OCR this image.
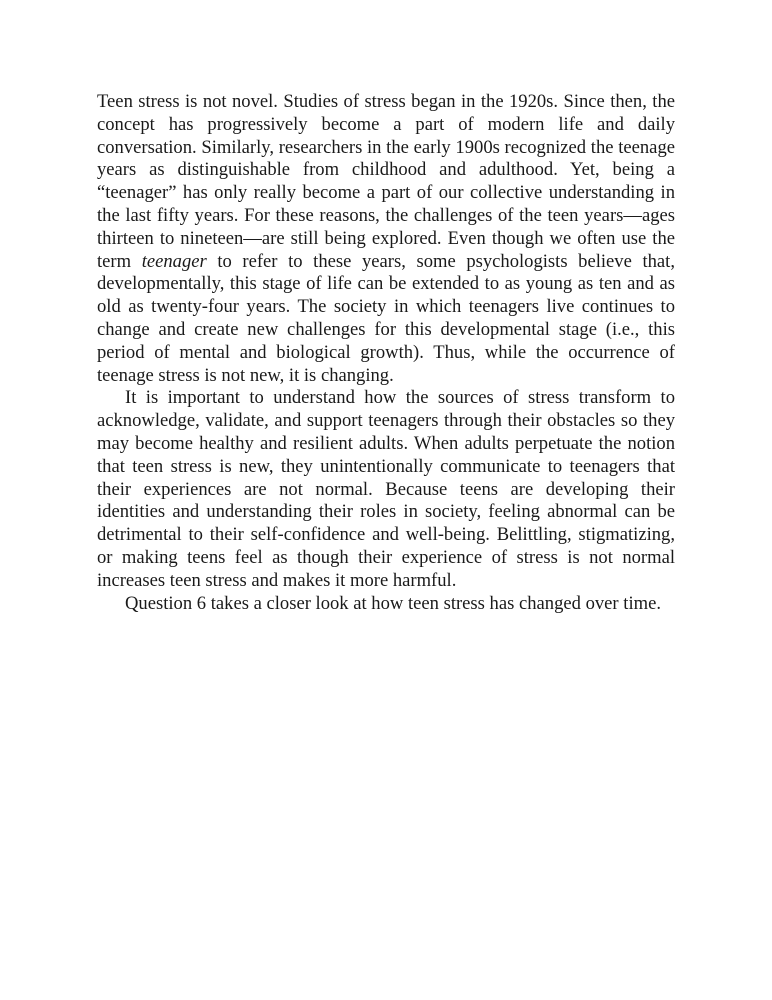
Teen stress is not novel. Studies of stress began in the 1920s. Since then, the concept has progressively become a part of modern life and daily conversation. Similarly, researchers in the early 1900s recognized the teenage years as distinguishable from childhood and adulthood. Yet, being a “teenager” has only really become a part of our collective understanding in the last fifty years. For these reasons, the challenges of the teen years—ages thirteen to nineteen—are still being explored. Even though we often use the term teenager to refer to these years, some psychologists believe that, developmentally, this stage of life can be extended to as young as ten and as old as twenty-four years. The society in which teenagers live continues to change and create new challenges for this developmental stage (i.e., this period of mental and biological growth). Thus, while the occurrence of teenage stress is not new, it is changing.

It is important to understand how the sources of stress transform to acknowledge, validate, and support teenagers through their obstacles so they may become healthy and resilient adults. When adults perpetuate the notion that teen stress is new, they unintentionally communicate to teenagers that their experiences are not normal. Because teens are developing their identities and understanding their roles in society, feeling abnormal can be detrimental to their self-confidence and well-being. Belittling, stigmatizing, or making teens feel as though their experience of stress is not normal increases teen stress and makes it more harmful.

Question 6 takes a closer look at how teen stress has changed over time.
